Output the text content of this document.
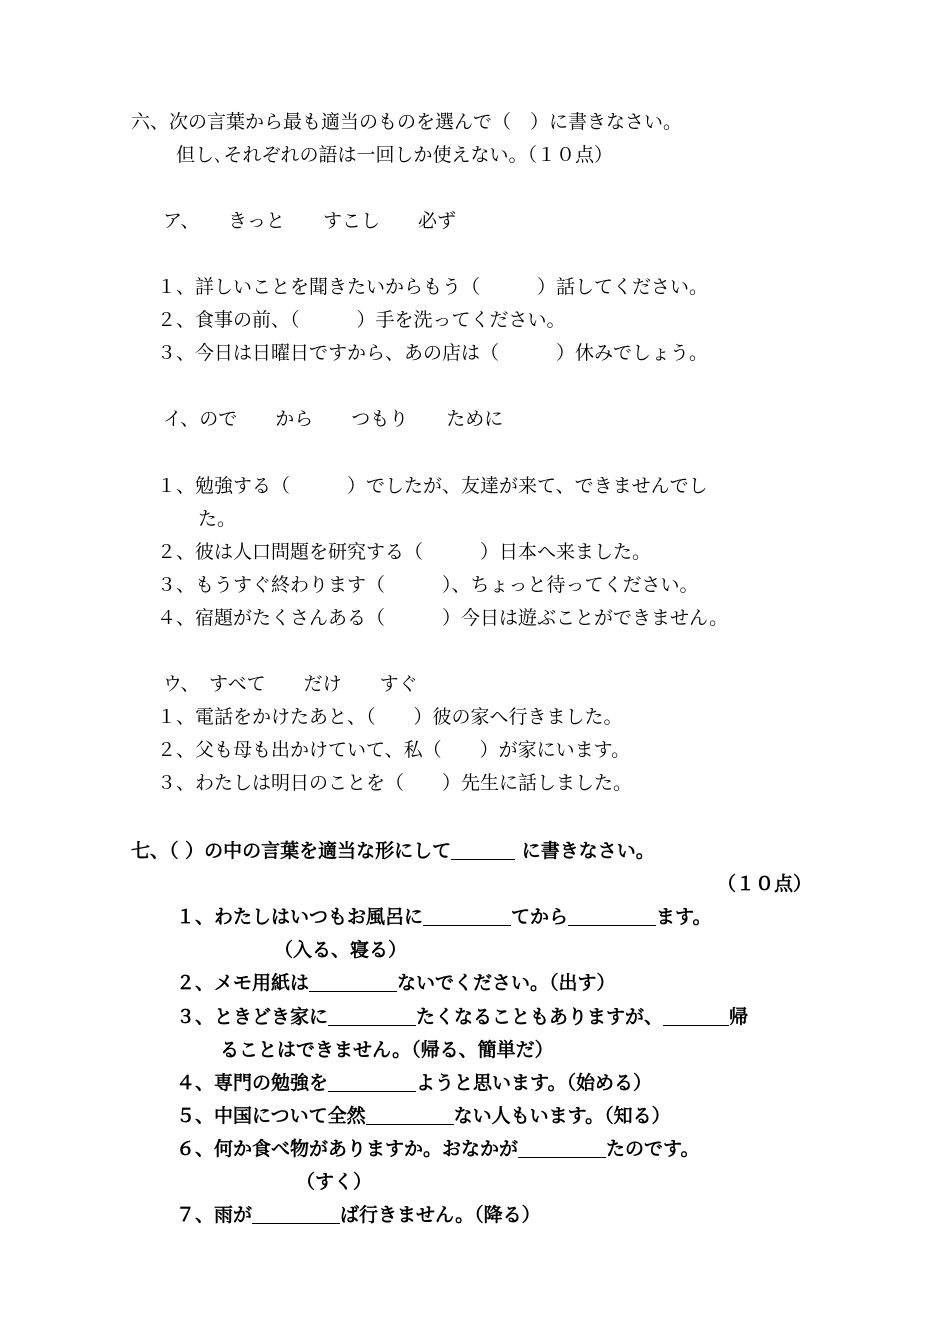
六、次の言葉から最も適当のものを選んで（　）に書きなさい。

但し､それぞれの語は一回しか使えない。（１０点）

ア、　　きっと　　すこし　　必ず

１、詳しいことを聞きたいからもう（　　　）話してください。

２、食事の前、（　　　）手を洗ってください。

３、今日は日曜日ですから、あの店は（　　　）休みでしょう。

イ、ので　　から　　つもり　　ために

１、勉強する（　　　）でしたが、友達が来て、できませんでし

た。

２、彼は人口問題を研究する（　　　）日本へ来ました。

３、もうすぐ終わります（　　　）、ちょっと待ってください。

４、宿題がたくさんある（　　　）今日は遊ぶことができません。

ウ、　すべて　　だけ　　すぐ

１、電話をかけたあと、（　　）彼の家へ行きました。

２、父も母も出かけていて、私（　　）が家にいます。

３、わたしは明日のことを（　　）先生に話しました。

七、（ ）の中の言葉を適当な形にして	に書きなさい。

（１０点）

１、わたしはいつもお風呂に	てから	ます。

（入る、寝る）

２、メモ用紙は	ないでください。（出す）

３、ときどき家に	たくなることもありますが、	帰

ることはできません。（帰る、簡単だ）

４、専門の勉強を	ようと思います。（始める）

５、中国について全然	ない人もいます。（知る）

６、何か食べ物がありますか。おなかが	たのです。

（すく）

７、雨が	ば行きません。（降る）
